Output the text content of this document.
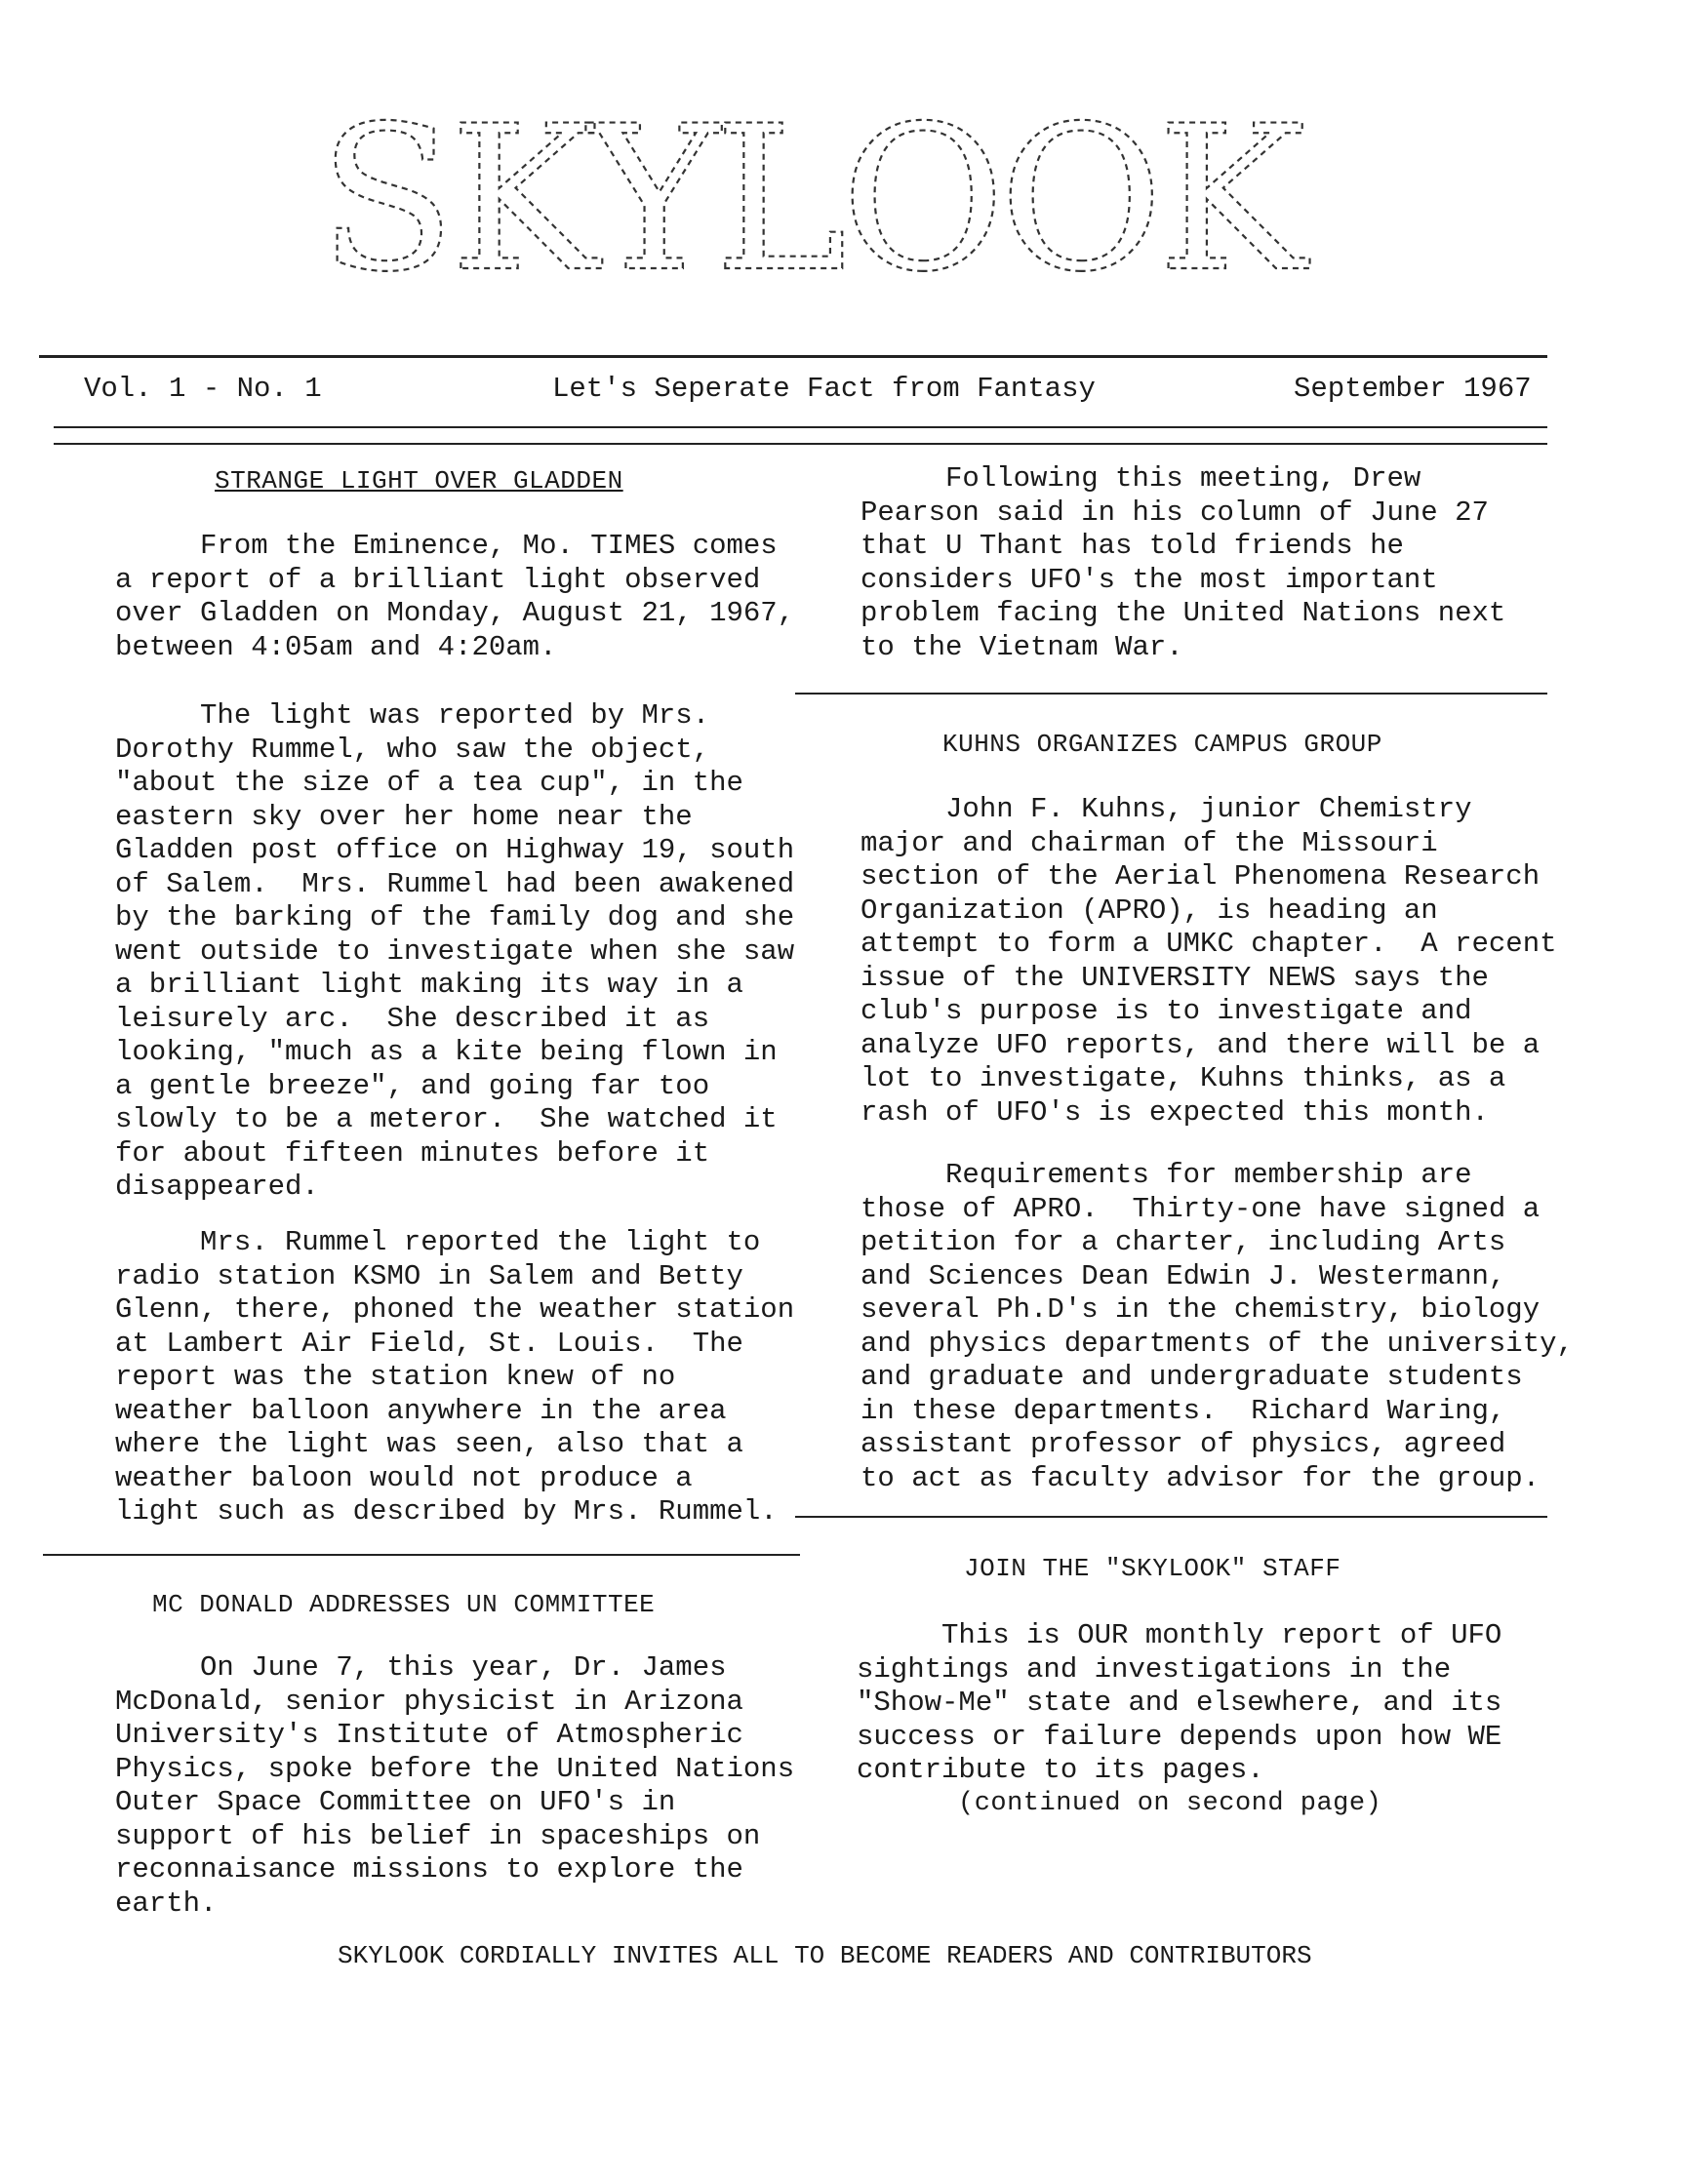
SKYLOOK
Vol. 1 - No. 1	Let's Seperate Fact from Fantasy	September 1967
STRANGE LIGHT OVER GLADDEN

From the Eminence, Mo. TIMES comes

a report of a brilliant light observed

over Gladden on Monday, August 21, 1967,

between 4:05am and 4:20am.

The light was reported by Mrs.

Dorothy Rummel, who saw the object,

"about the size of a tea cup", in the

eastern sky over her home near the

Gladden post office on Highway 19, south

of Salem.  Mrs. Rummel had been awakened

by the barking of the family dog and she

went outside to investigate when she saw

a brilliant light making its way in a

leisurely arc.  She described it as

looking, "much as a kite being flown in

a gentle breeze", and going far too

slowly to be a meteror.  She watched it

for about fifteen minutes before it

disappeared.

Mrs. Rummel reported the light to

radio station KSMO in Salem and Betty

Glenn, there, phoned the weather station

at Lambert Air Field, St. Louis.  The

report was the station knew of no

weather balloon anywhere in the area

where the light was seen, also that a

weather baloon would not produce a

light such as described by Mrs. Rummel.

MC DONALD ADDRESSES UN COMMITTEE

On June 7, this year, Dr. James

McDonald, senior physicist in Arizona

University's Institute of Atmospheric

Physics, spoke before the United Nations

Outer Space Committee on UFO's in

support of his belief in spaceships on

reconnaisance missions to explore the

earth.

Following this meeting, Drew

Pearson said in his column of June 27

that U Thant has told friends he

considers UFO's the most important

problem facing the United Nations next

to the Vietnam War.

KUHNS ORGANIZES CAMPUS GROUP

John F. Kuhns, junior Chemistry

major and chairman of the Missouri

section of the Aerial Phenomena Research

Organization (APRO), is heading an

attempt to form a UMKC chapter.  A recent

issue of the UNIVERSITY NEWS says the

club's purpose is to investigate and

analyze UFO reports, and there will be a

lot to investigate, Kuhns thinks, as a

rash of UFO's is expected this month.

Requirements for membership are

those of APRO.  Thirty-one have signed a

petition for a charter, including Arts

and Sciences Dean Edwin J. Westermann,

several Ph.D's in the chemistry, biology

and physics departments of the university,

and graduate and undergraduate students

in these departments.  Richard Waring,

assistant professor of physics, agreed

to act as faculty advisor for the group.

JOIN THE "SKYLOOK" STAFF

This is OUR monthly report of UFO

sightings and investigations in the

"Show-Me" state and elsewhere, and its

success or failure depends upon how WE

contribute to its pages.

(continued on second page)
SKYLOOK CORDIALLY INVITES ALL TO BECOME READERS AND CONTRIBUTORS
